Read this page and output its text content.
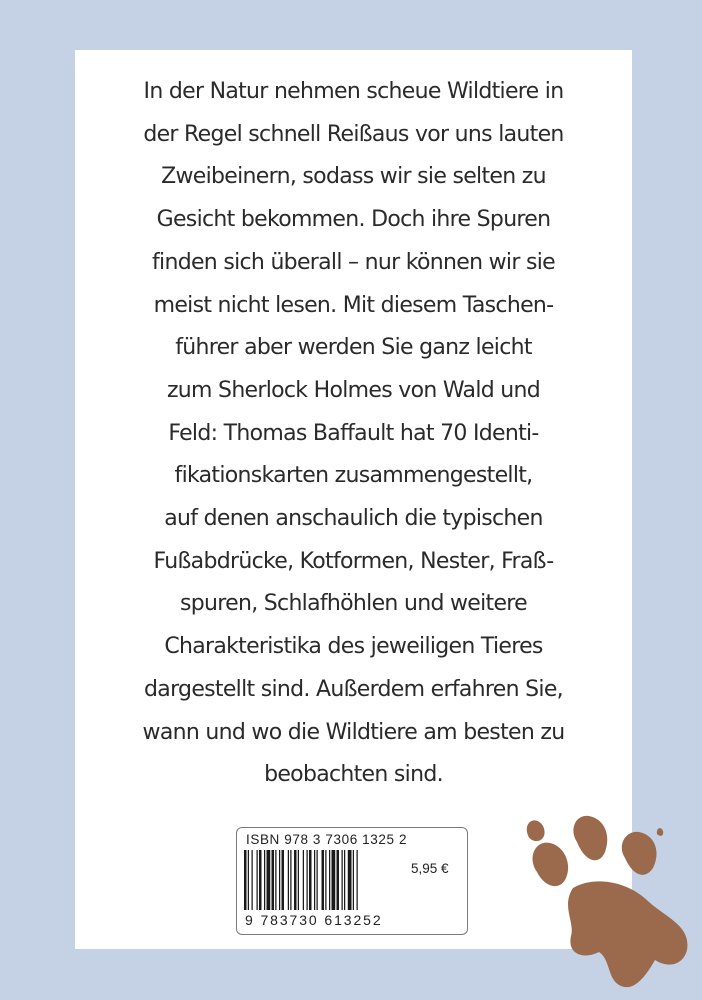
In der Natur nehmen scheue Wildtiere in
der Regel schnell Reißaus vor uns lauten
Zweibeinern, sodass wir sie selten zu
Gesicht bekommen. Doch ihre Spuren
finden sich überall – nur können wir sie
meist nicht lesen. Mit diesem Taschen-
führer aber werden Sie ganz leicht
zum Sherlock Holmes von Wald und
Feld: Thomas Baffault hat 70 Identi-
fikationskarten zusammengestellt,
auf denen anschaulich die typischen
Fußabdrücke, Kotformen, Nester, Fraß-
spuren, Schlafhöhlen und weitere
Charakteristika des jeweiligen Tieres
dargestellt sind. Außerdem erfahren Sie,
wann und wo die Wildtiere am besten zu
beobachten sind.
ISBN 978 3 7306 1325 2
5,95 €
9 783730 613252
